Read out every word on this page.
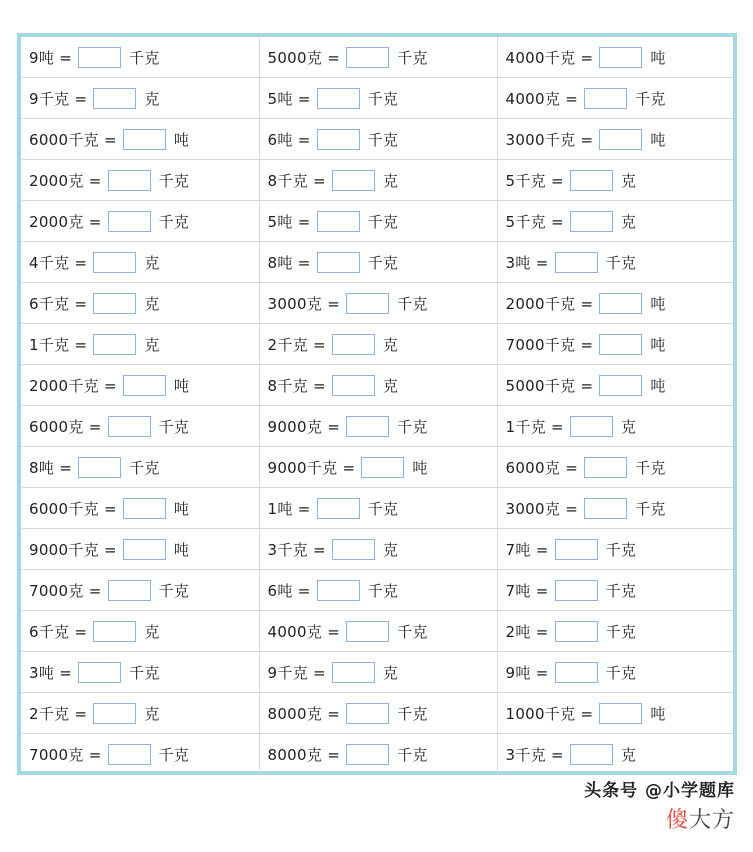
9吨 = 千克	5000克 = 千克	4000千克 = 吨
9千克 = 克	5吨 = 千克	4000克 = 千克
6000千克 = 吨	6吨 = 千克	3000千克 = 吨
2000克 = 千克	8千克 = 克	5千克 = 克
2000克 = 千克	5吨 = 千克	5千克 = 克
4千克 = 克	8吨 = 千克	3吨 = 千克
6千克 = 克	3000克 = 千克	2000千克 = 吨
1千克 = 克	2千克 = 克	7000千克 = 吨
2000千克 = 吨	8千克 = 克	5000千克 = 吨
6000克 = 千克	9000克 = 千克	1千克 = 克
8吨 = 千克	9000千克 = 吨	6000克 = 千克
6000千克 = 吨	1吨 = 千克	3000克 = 千克
9000千克 = 吨	3千克 = 克	7吨 = 千克
7000克 = 千克	6吨 = 千克	7吨 = 千克
6千克 = 克	4000克 = 千克	2吨 = 千克
3吨 = 千克	9千克 = 克	9吨 = 千克
2千克 = 克	8000克 = 千克	1000千克 = 吨
7000克 = 千克	8000克 = 千克	3千克 = 克
头条号 @小学题库
傻大方
